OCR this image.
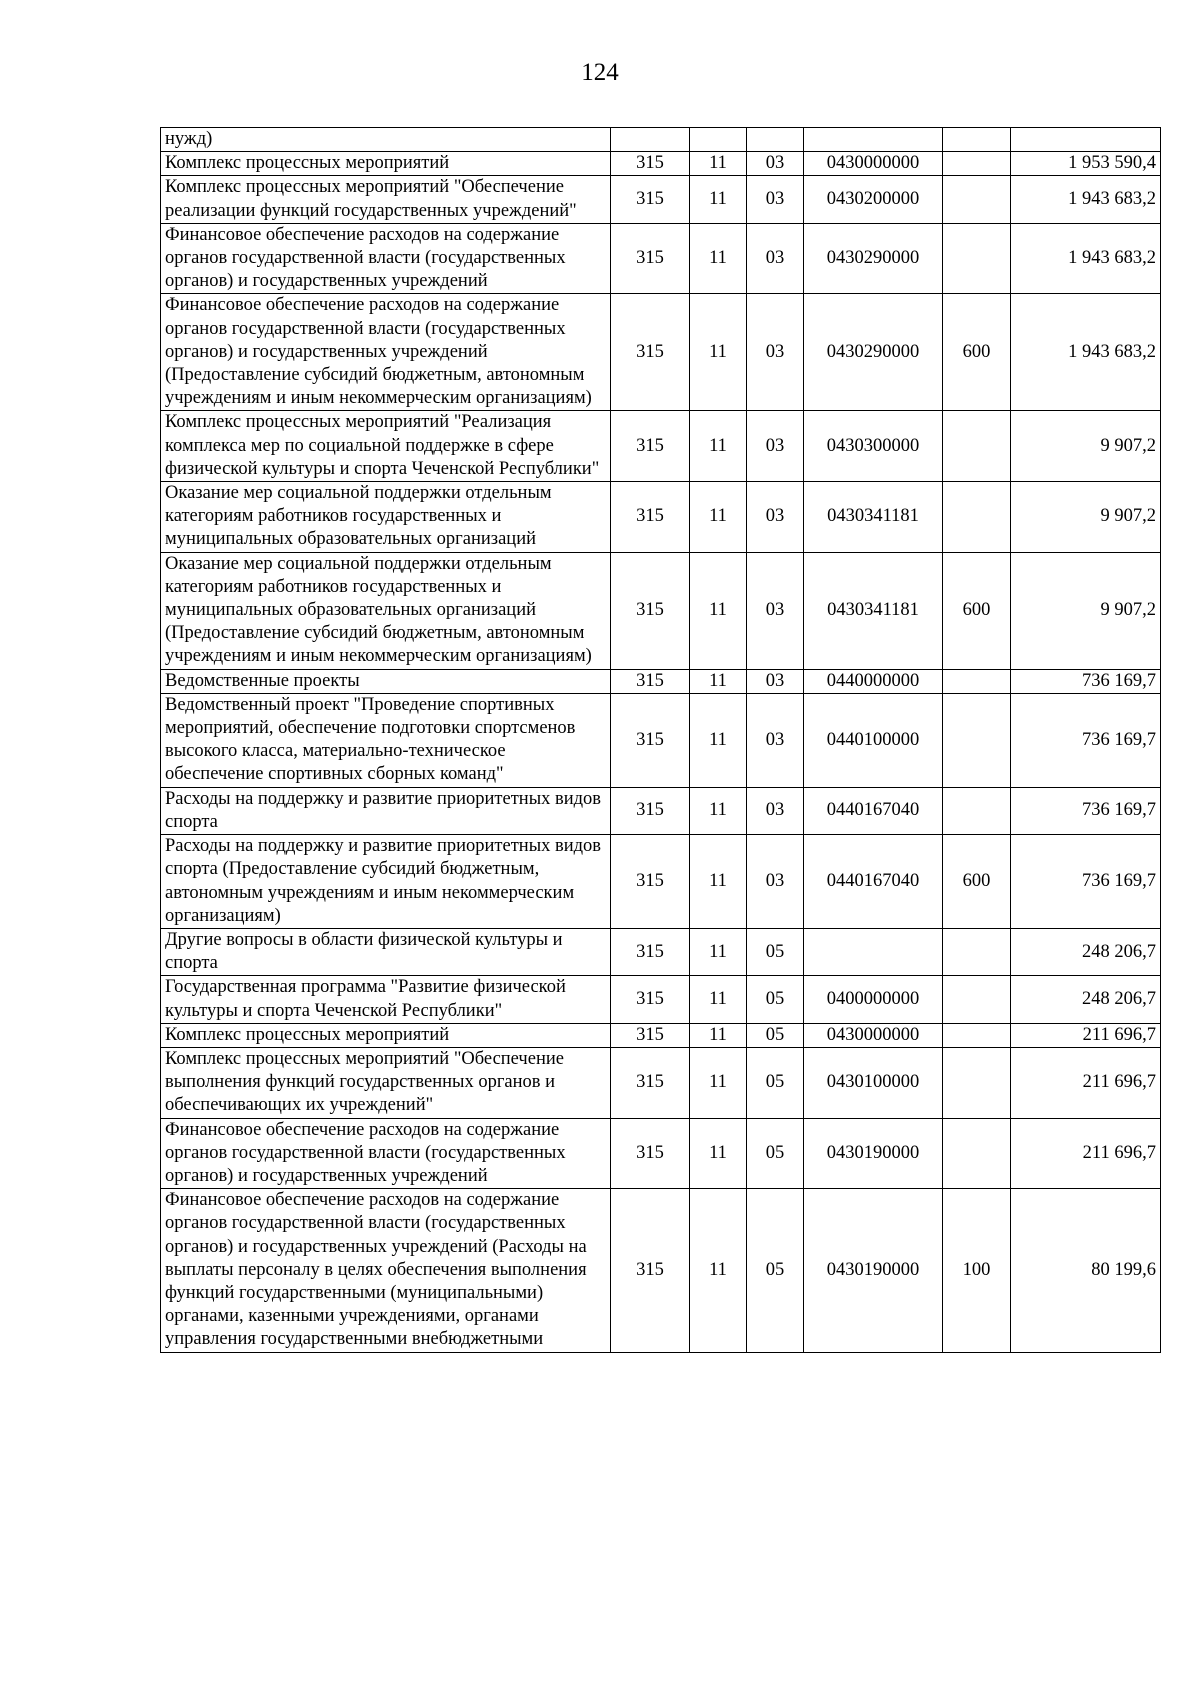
124
нужд)						
Комплекс процессных мероприятий	315	11	03	0430000000		1 953 590,4
Комплекс процессных мероприятий "Обеспечение реализации функций государственных учреждений"	315	11	03	0430200000		1 943 683,2
Финансовое обеспечение расходов на содержание органов государственной власти (государственных органов) и государственных учреждений	315	11	03	0430290000		1 943 683,2
Финансовое обеспечение расходов на содержание органов государственной власти (государственных органов) и государственных учреждений (Предоставление субсидий бюджетным, автономным учреждениям и иным некоммерческим организациям)	315	11	03	0430290000	600	1 943 683,2
Комплекс процессных мероприятий "Реализация комплекса мер по социальной поддержке в сфере физической культуры и спорта Чеченской Республики"	315	11	03	0430300000		9 907,2
Оказание мер социальной поддержки отдельным категориям работников государственных и муниципальных образовательных организаций	315	11	03	0430341181		9 907,2
Оказание мер социальной поддержки отдельным категориям работников государственных и муниципальных образовательных организаций (Предоставление субсидий бюджетным, автономным учреждениям и иным некоммерческим организациям)	315	11	03	0430341181	600	9 907,2
Ведомственные проекты	315	11	03	0440000000		736 169,7
Ведомственный проект "Проведение спортивных мероприятий, обеспечение подготовки спортсменов высокого класса, материально-техническое обеспечение спортивных сборных команд"	315	11	03	0440100000		736 169,7
Расходы на поддержку и развитие приоритетных видов спорта	315	11	03	0440167040		736 169,7
Расходы на поддержку и развитие приоритетных видов спорта (Предоставление субсидий бюджетным, автономным учреждениям и иным некоммерческим организациям)	315	11	03	0440167040	600	736 169,7
Другие вопросы в области физической культуры и спорта	315	11	05			248 206,7
Государственная программа "Развитие физической культуры и спорта Чеченской Республики"	315	11	05	0400000000		248 206,7
Комплекс процессных мероприятий	315	11	05	0430000000		211 696,7
Комплекс процессных мероприятий "Обеспечение выполнения функций государственных органов и обеспечивающих их учреждений"	315	11	05	0430100000		211 696,7
Финансовое обеспечение расходов на содержание органов государственной власти (государственных органов) и государственных учреждений	315	11	05	0430190000		211 696,7
Финансовое обеспечение расходов на содержание органов государственной власти (государственных органов) и государственных учреждений (Расходы на выплаты персоналу в целях обеспечения выполнения функций государственными (муниципальными) органами, казенными учреждениями, органами управления государственными внебюджетными	315	11	05	0430190000	100	80 199,6
